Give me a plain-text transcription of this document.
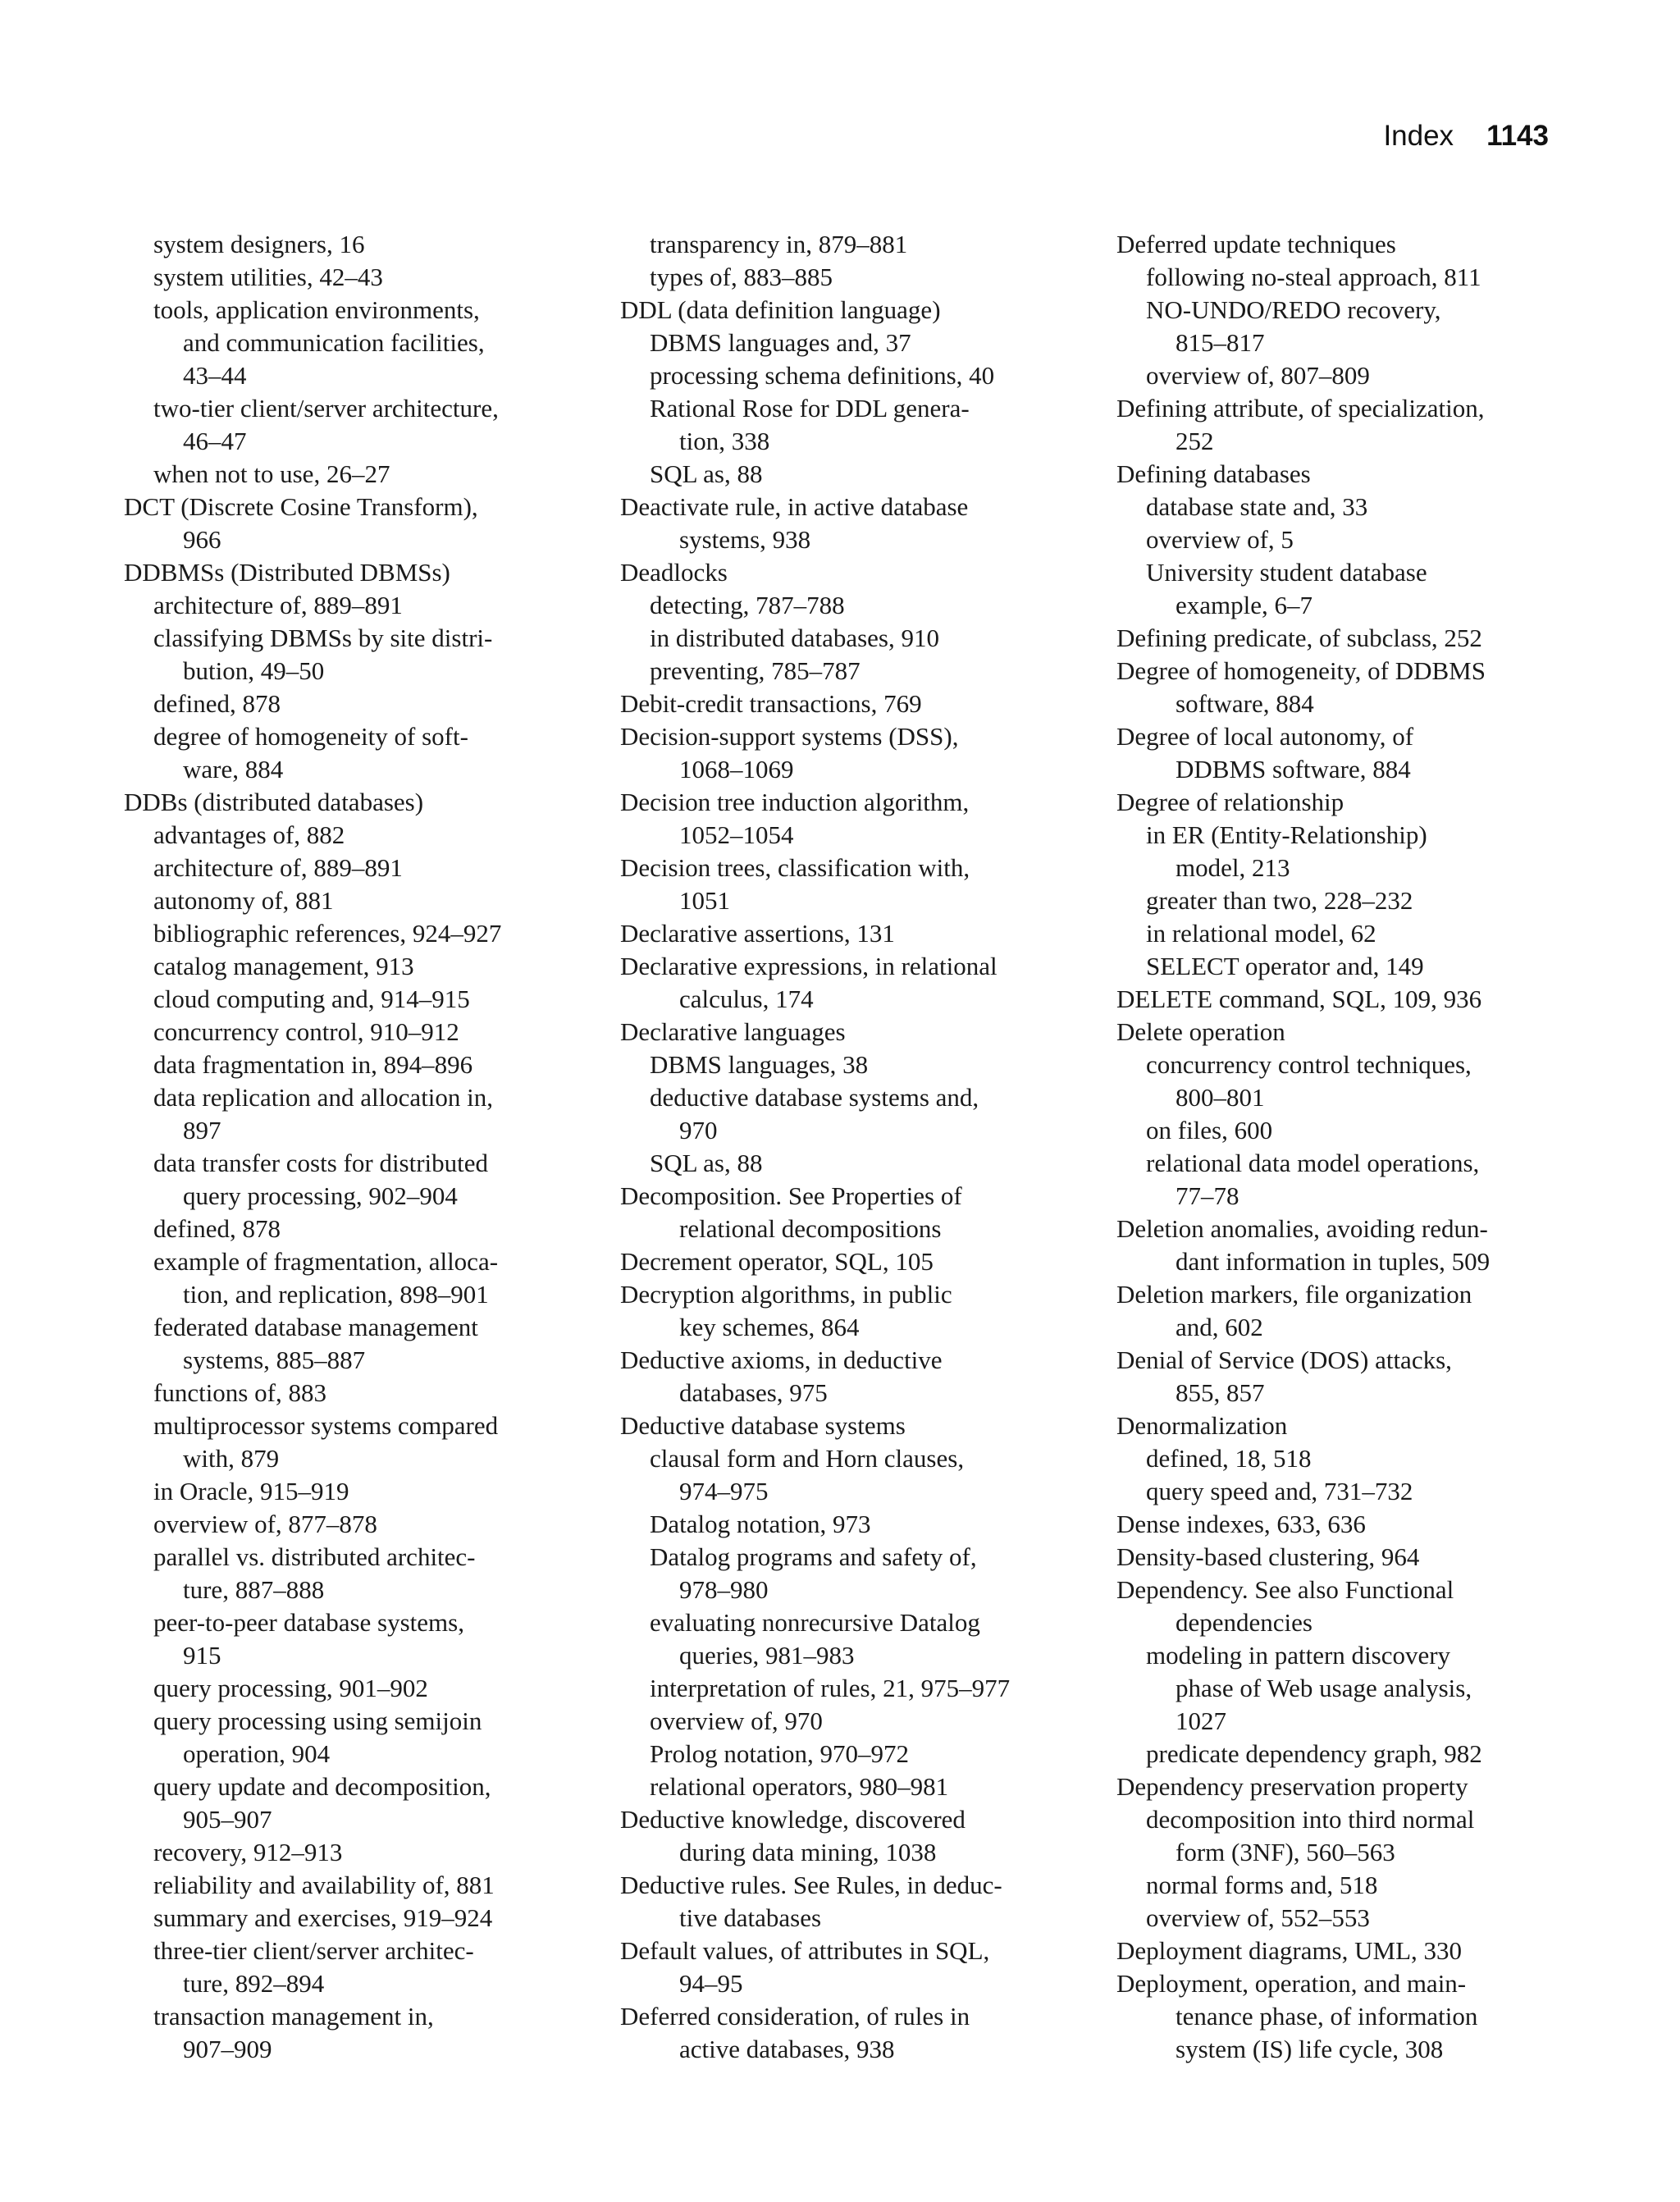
Index 1143
system designers, 16
system utilities, 42–43
tools, application environments,
and communication facilities,
43–44
two-tier client/server architecture,
46–47
when not to use, 26–27
DCT (Discrete Cosine Transform),
966
DDBMSs (Distributed DBMSs)
architecture of, 889–891
classifying DBMSs by site distri-
bution, 49–50
defined, 878
degree of homogeneity of soft-
ware, 884
DDBs (distributed databases)
advantages of, 882
architecture of, 889–891
autonomy of, 881
bibliographic references, 924–927
catalog management, 913
cloud computing and, 914–915
concurrency control, 910–912
data fragmentation in, 894–896
data replication and allocation in,
897
data transfer costs for distributed
query processing, 902–904
defined, 878
example of fragmentation, alloca-
tion, and replication, 898–901
federated database management
systems, 885–887
functions of, 883
multiprocessor systems compared
with, 879
in Oracle, 915–919
overview of, 877–878
parallel vs. distributed architec-
ture, 887–888
peer-to-peer database systems,
915
query processing, 901–902
query processing using semijoin
operation, 904
query update and decomposition,
905–907
recovery, 912–913
reliability and availability of, 881
summary and exercises, 919–924
three-tier client/server architec-
ture, 892–894
transaction management in,
907–909
transparency in, 879–881
types of, 883–885
DDL (data definition language)
DBMS languages and, 37
processing schema definitions, 40
Rational Rose for DDL genera-
tion, 338
SQL as, 88
Deactivate rule, in active database
systems, 938
Deadlocks
detecting, 787–788
in distributed databases, 910
preventing, 785–787
Debit-credit transactions, 769
Decision-support systems (DSS),
1068–1069
Decision tree induction algorithm,
1052–1054
Decision trees, classification with,
1051
Declarative assertions, 131
Declarative expressions, in relational
calculus, 174
Declarative languages
DBMS languages, 38
deductive database systems and,
970
SQL as, 88
Decomposition. See Properties of
relational decompositions
Decrement operator, SQL, 105
Decryption algorithms, in public
key schemes, 864
Deductive axioms, in deductive
databases, 975
Deductive database systems
clausal form and Horn clauses,
974–975
Datalog notation, 973
Datalog programs and safety of,
978–980
evaluating nonrecursive Datalog
queries, 981–983
interpretation of rules, 21, 975–977
overview of, 970
Prolog notation, 970–972
relational operators, 980–981
Deductive knowledge, discovered
during data mining, 1038
Deductive rules. See Rules, in deduc-
tive databases
Default values, of attributes in SQL,
94–95
Deferred consideration, of rules in
active databases, 938
Deferred update techniques
following no-steal approach, 811
NO-UNDO/REDO recovery,
815–817
overview of, 807–809
Defining attribute, of specialization,
252
Defining databases
database state and, 33
overview of, 5
University student database
example, 6–7
Defining predicate, of subclass, 252
Degree of homogeneity, of DDBMS
software, 884
Degree of local autonomy, of
DDBMS software, 884
Degree of relationship
in ER (Entity-Relationship)
model, 213
greater than two, 228–232
in relational model, 62
SELECT operator and, 149
DELETE command, SQL, 109, 936
Delete operation
concurrency control techniques,
800–801
on files, 600
relational data model operations,
77–78
Deletion anomalies, avoiding redun-
dant information in tuples, 509
Deletion markers, file organization
and, 602
Denial of Service (DOS) attacks,
855, 857
Denormalization
defined, 18, 518
query speed and, 731–732
Dense indexes, 633, 636
Density-based clustering, 964
Dependency. See also Functional
dependencies
modeling in pattern discovery
phase of Web usage analysis,
1027
predicate dependency graph, 982
Dependency preservation property
decomposition into third normal
form (3NF), 560–563
normal forms and, 518
overview of, 552–553
Deployment diagrams, UML, 330
Deployment, operation, and main-
tenance phase, of information
system (IS) life cycle, 308
